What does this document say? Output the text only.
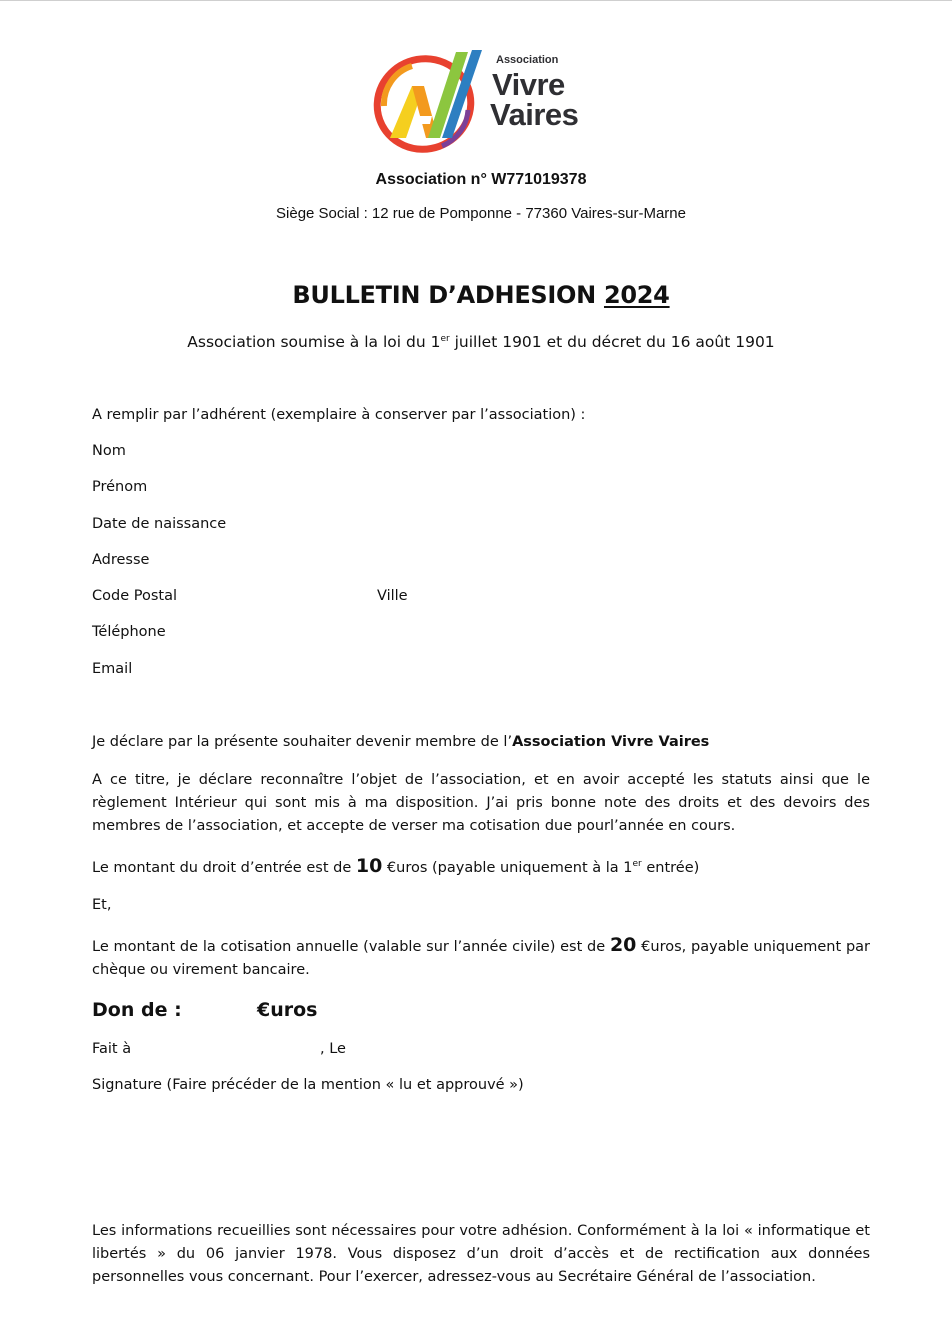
Association
Vivre
Vaires
Association n° W771019378
Siège Social : 12 rue de Pomponne - 77360 Vaires-sur-Marne
BULLETIN D’ADHESION 2024
Association soumise à la loi du 1er juillet 1901 et du décret du 16 août 1901
A remplir par l’adhérent (exemplaire à conserver par l’association) :
Nom
Prénom
Date de naissance
Adresse
Code Postal	Ville
Téléphone
Email
Je déclare par la présente souhaiter devenir membre de l’Association Vivre Vaires
A ce titre, je déclare reconnaître l’objet de l’association, et en avoir accepté les statuts ainsi que le règlement Intérieur qui sont mis à ma disposition. J’ai pris bonne note des droits et des devoirs des membres de l’association, et accepte de verser ma cotisation due pourl’année en cours.
Le montant du droit d’entrée est de 10 €uros (payable uniquement à la 1er entrée)
Et,
Le montant de la cotisation annuelle (valable sur l’année civile) est de 20 €uros, payable uniquement par chèque ou virement bancaire.
Don de :	€uros
Fait à	, Le
Signature (Faire précéder de la mention « lu et approuvé »)
Les informations recueillies sont nécessaires pour votre adhésion. Conformément à la loi « informatique et libertés » du 06 janvier 1978. Vous disposez d’un droit d’accès et de rectification aux données personnelles vous concernant. Pour l’exercer, adressez-vous au Secrétaire Général de l’association.
